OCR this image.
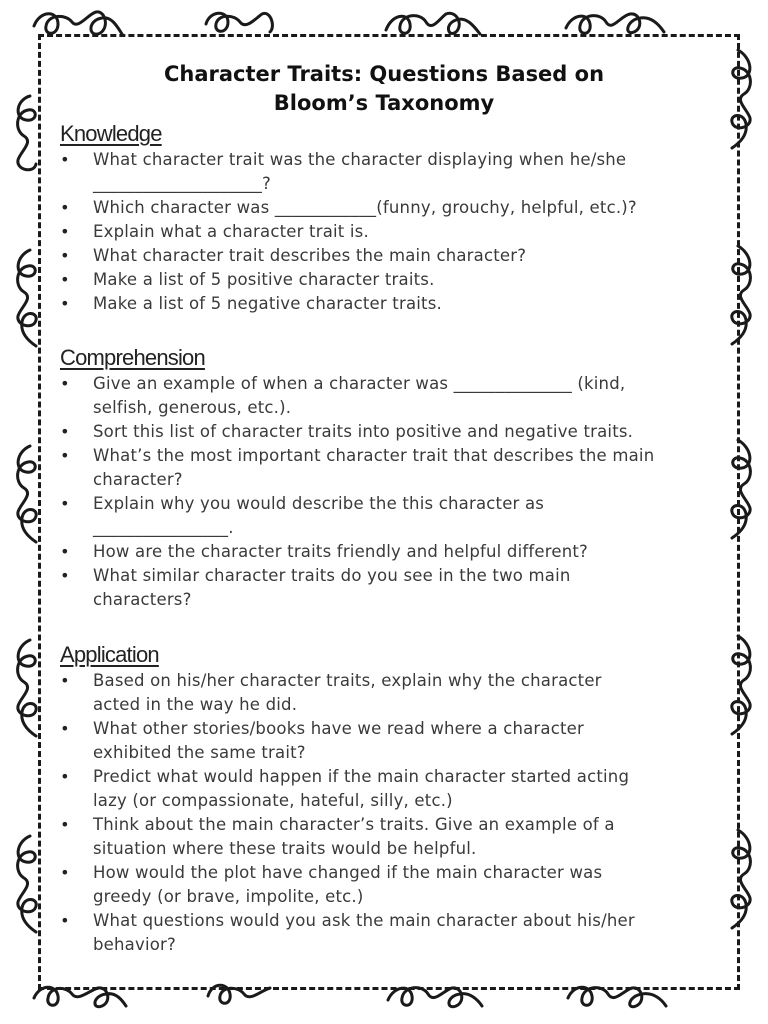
Character Traits: Questions Based on
Bloom’s Taxonomy
Knowledge
• What character trait was the character displaying when he/she
____________________?
• Which character was ____________(funny, grouchy, helpful, etc.)?
• Explain what a character trait is.
• What character trait describes the main character?
• Make a list of 5 positive character traits.
• Make a list of 5 negative character traits.
Comprehension
• Give an example of when a character was ______________ (kind,
selfish, generous, etc.).
• Sort this list of character traits into positive and negative traits.
• What’s the most important character trait that describes the main
character?
• Explain why you would describe the this character as
________________.
• How are the character traits friendly and helpful different?
• What similar character traits do you see in the two main
characters?
Application
• Based on his/her character traits, explain why the character
acted in the way he did.
• What other stories/books have we read where a character
exhibited the same trait?
• Predict what would happen if the main character started acting
lazy (or compassionate, hateful, silly, etc.)
• Think about the main character’s traits. Give an example of a
situation where these traits would be helpful.
• How would the plot have changed if the main character was
greedy (or brave, impolite, etc.)
• What questions would you ask the main character about his/her
behavior?
